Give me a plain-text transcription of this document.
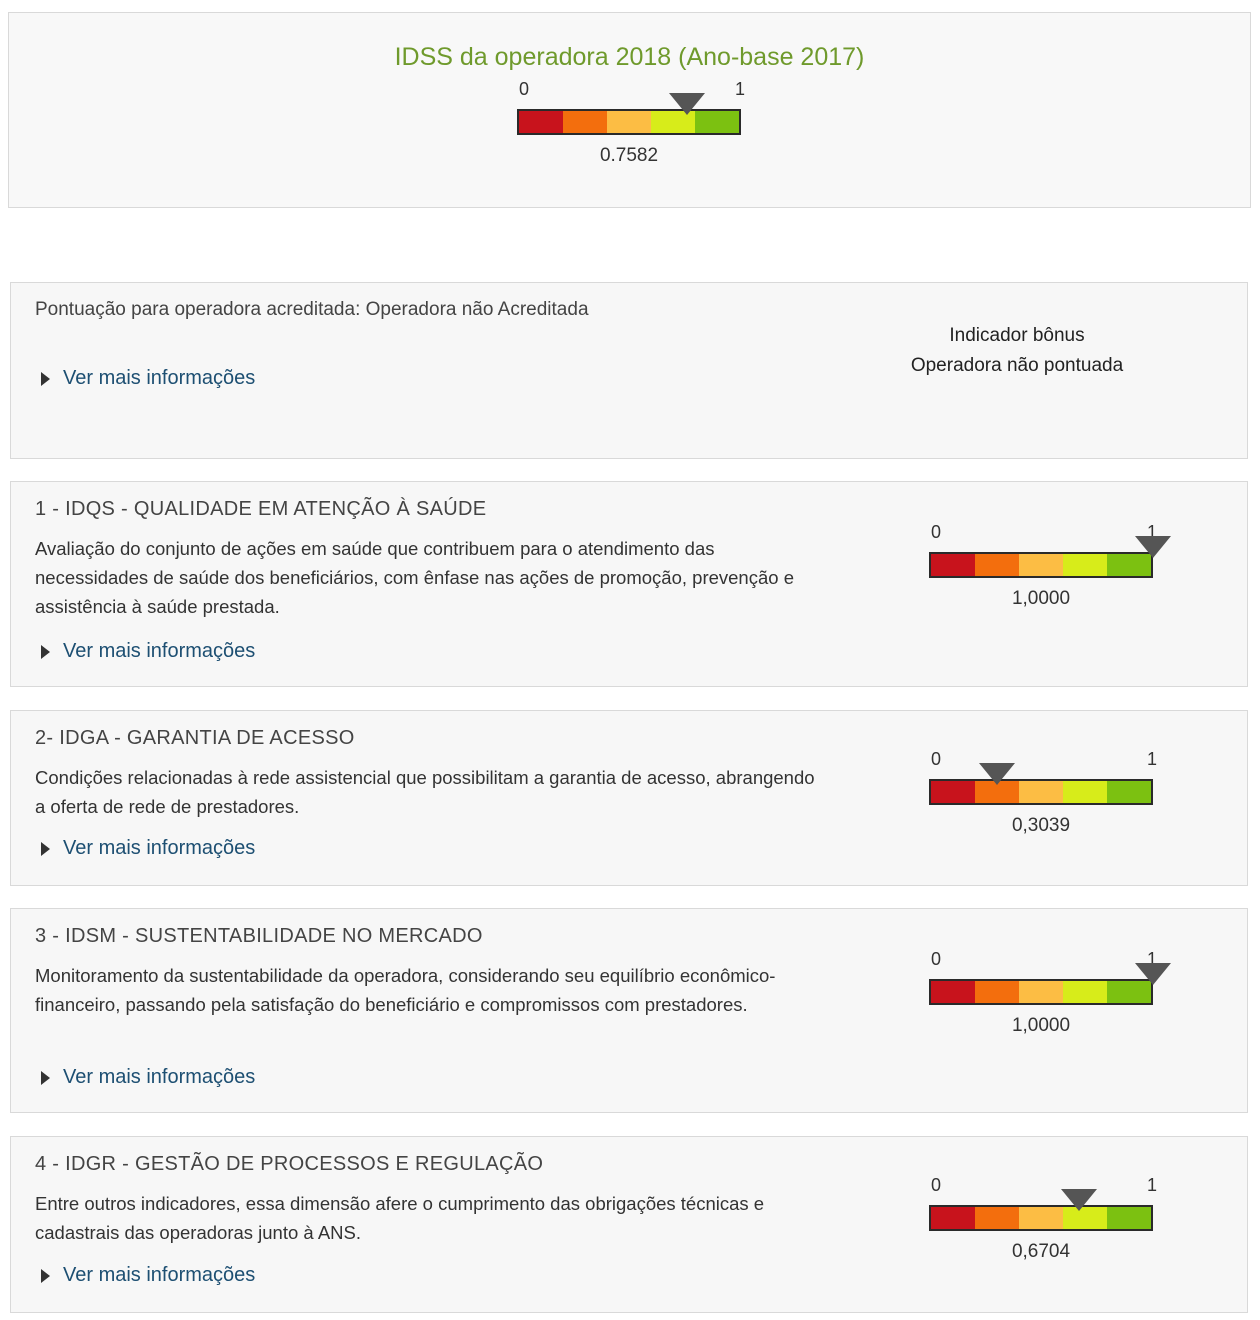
IDSS da operadora 2018 (Ano-base 2017)
0	1
0.7582
Pontuação para operadora acreditada: Operadora não Acreditada
Ver mais informações
Indicador bônus
Operadora não pontuada
1 - IDQS - QUALIDADE EM ATENÇÃO À SAÚDE
Avaliação do conjunto de ações em saúde que contribuem para o atendimento das necessidades de saúde dos beneficiários, com ênfase nas ações de promoção, prevenção e assistência à saúde prestada.
Ver mais informações
0	1
1,0000
2- IDGA - GARANTIA DE ACESSO
Condições relacionadas à rede assistencial que possibilitam a garantia de acesso, abrangendo a oferta de rede de prestadores.
Ver mais informações
0	1
0,3039
3 - IDSM - SUSTENTABILIDADE NO MERCADO
Monitoramento da sustentabilidade da operadora, considerando seu equilíbrio econômico-financeiro, passando pela satisfação do beneficiário e compromissos com prestadores.
Ver mais informações
0	1
1,0000
4 - IDGR - GESTÃO DE PROCESSOS E REGULAÇÃO
Entre outros indicadores, essa dimensão afere o cumprimento das obrigações técnicas e cadastrais das operadoras junto à ANS.
Ver mais informações
0	1
0,6704
